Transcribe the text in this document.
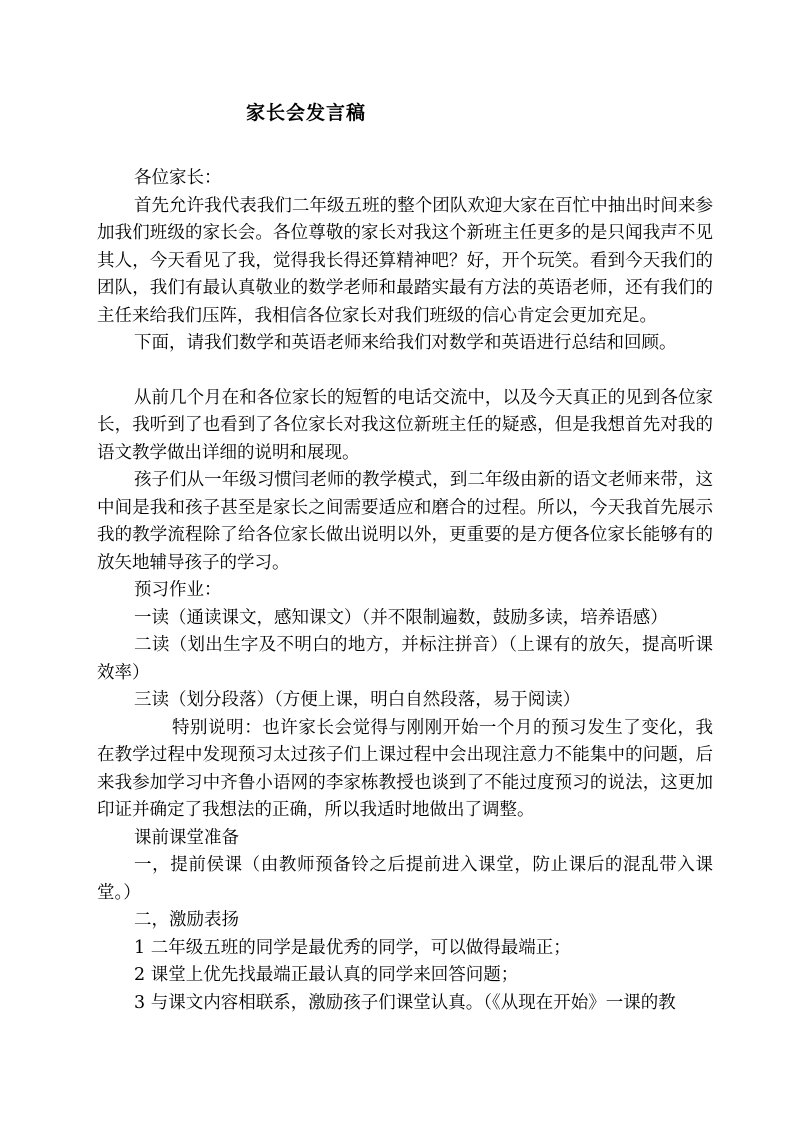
家长会发言稿

各位家长：

首先允许我代表我们二年级五班的整个团队欢迎大家在百忙中抽出时间来参加我们班级的家长会。各位尊敬的家长对我这个新班主任更多的是只闻我声不见其人，今天看见了我，觉得我长得还算精神吧？好，开个玩笑。看到今天我们的团队，我们有最认真敬业的数学老师和最踏实最有方法的英语老师，还有我们的主任来给我们压阵，我相信各位家长对我们班级的信心肯定会更加充足。

下面，请我们数学和英语老师来给我们对数学和英语进行总结和回顾。

从前几个月在和各位家长的短暂的电话交流中，以及今天真正的见到各位家长，我听到了也看到了各位家长对我这位新班主任的疑惑，但是我想首先对我的语文教学做出详细的说明和展现。

孩子们从一年级习惯闫老师的教学模式，到二年级由新的语文老师来带，这中间是我和孩子甚至是家长之间需要适应和磨合的过程。所以，今天我首先展示我的教学流程除了给各位家长做出说明以外，更重要的是方便各位家长能够有的放矢地辅导孩子的学习。

预习作业：

一读（通读课文，感知课文）（并不限制遍数，鼓励多读，培养语感）

二读（划出生字及不明白的地方，并标注拼音）（上课有的放矢，提高听课效率）

三读（划分段落）（方便上课，明白自然段落，易于阅读）

特别说明：也许家长会觉得与刚刚开始一个月的预习发生了变化，我在教学过程中发现预习太过孩子们上课过程中会出现注意力不能集中的问题，后来我参加学习中齐鲁小语网的李家栋教授也谈到了不能过度预习的说法，这更加印证并确定了我想法的正确，所以我适时地做出了调整。

课前课堂准备

一，提前侯课（由教师预备铃之后提前进入课堂，防止课后的混乱带入课堂。）

二，激励表扬

1 二年级五班的同学是最优秀的同学，可以做得最端正；

2 课堂上优先找最端正最认真的同学来回答问题；

3 与课文内容相联系，激励孩子们课堂认真。（《从现在开始》一课的教
